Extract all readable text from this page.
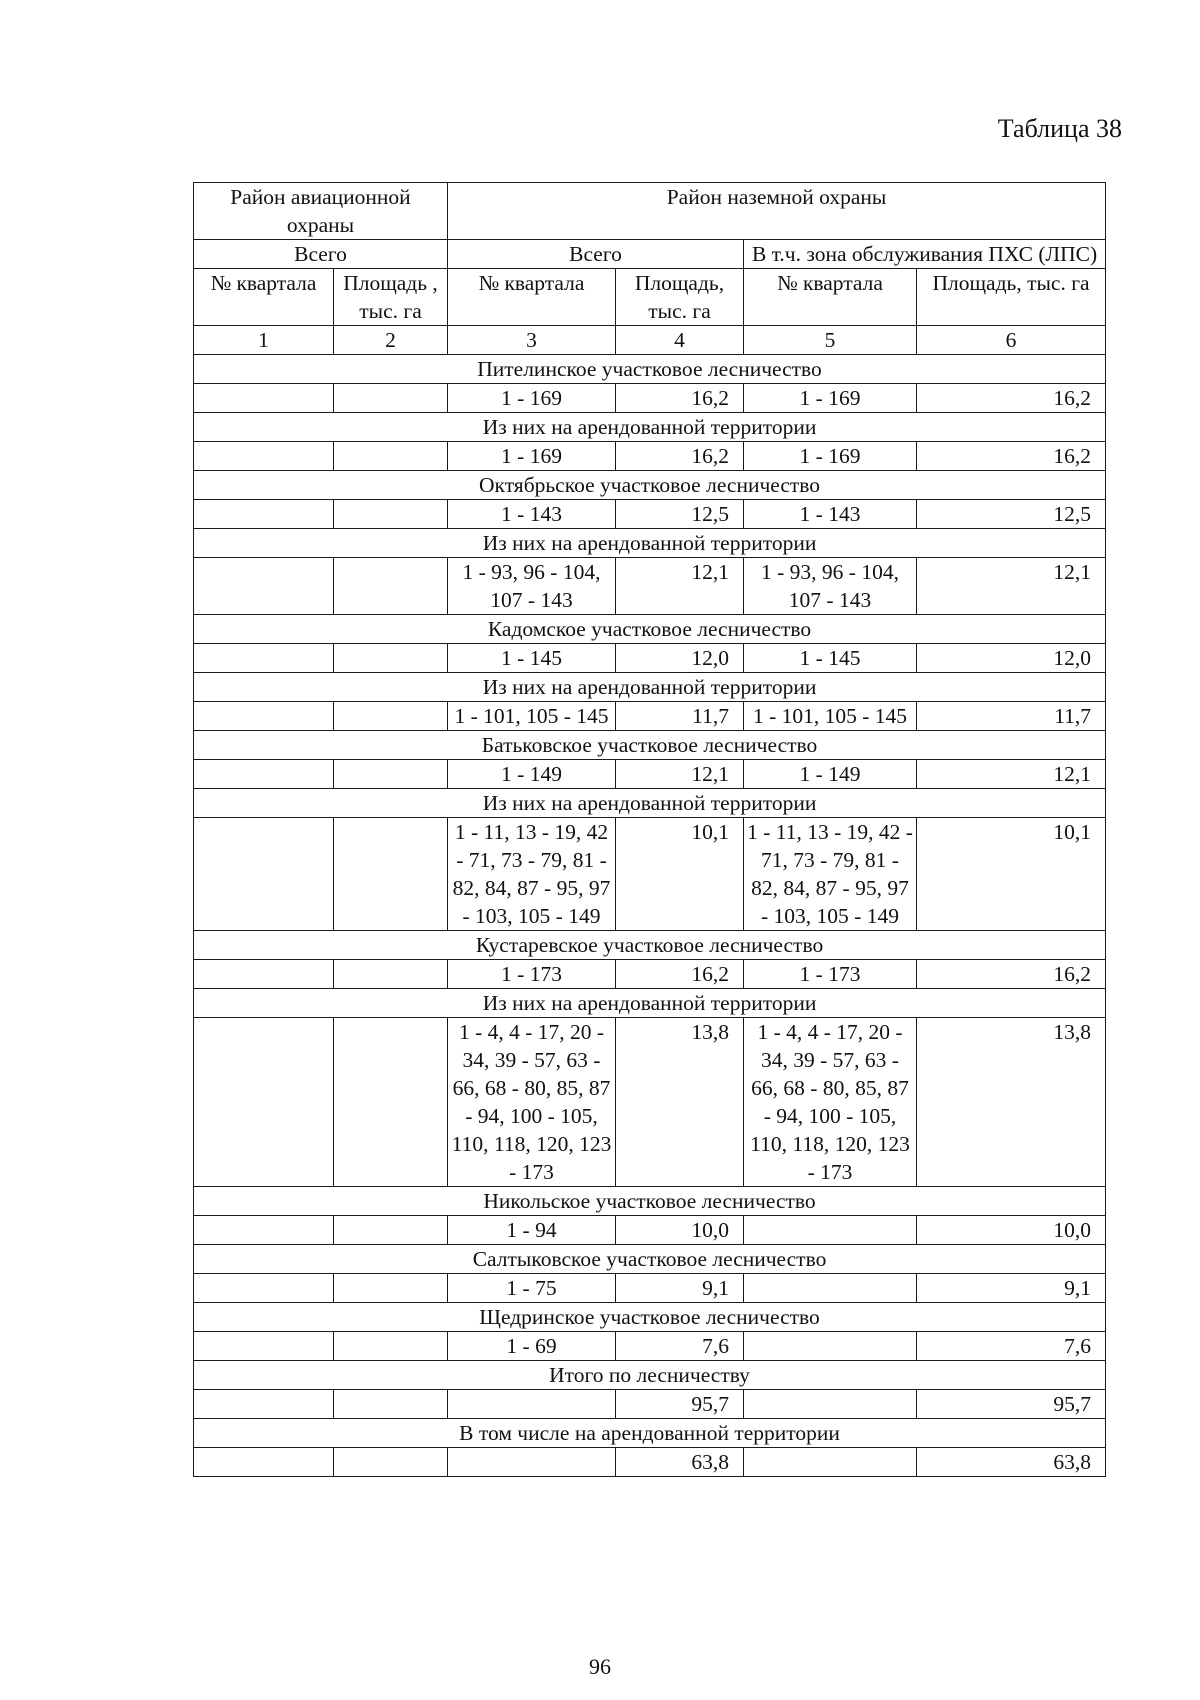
Таблица 38
Район авиационной охраны		Район наземной охраны			
Всего		Всего		В т.ч. зона обслуживания ПХС (ЛПС)	
№ квартала	Площадь , тыс. га	№ квартала	Площадь, тыс. га	№ квартала	Площадь, тыс. га
1	2	3	4	5	6
Пителинское участковое лесничество					
		1 - 169	16,2	1 - 169	16,2
Из них на арендованной территории					
		1 - 169	16,2	1 - 169	16,2
Октябрьское участковое лесничество					
		1 - 143	12,5	1 - 143	12,5
Из них на арендованной территории					
		1 - 93, 96 - 104, 107 - 143	12,1	1 - 93, 96 - 104, 107 - 143	12,1
Кадомское участковое лесничество					
		1 - 145	12,0	1 - 145	12,0
Из них на арендованной территории					
		1 - 101, 105 - 145	11,7	1 - 101, 105 - 145	11,7
Батьковское участковое лесничество					
		1 - 149	12,1	1 - 149	12,1
Из них на арендованной территории					
		1 - 11, 13 - 19, 42 - 71, 73 - 79, 81 - 82, 84, 87 - 95, 97 - 103, 105 - 149	10,1	1 - 11, 13 - 19, 42 - 71, 73 - 79, 81 - 82, 84, 87 - 95, 97 - 103, 105 - 149	10,1
Кустаревское участковое лесничество					
		1 - 173	16,2	1 - 173	16,2
Из них на арендованной территории					
		1 - 4, 4 - 17, 20 - 34, 39 - 57, 63 - 66, 68 - 80, 85, 87 - 94, 100 - 105, 110, 118, 120, 123 - 173	13,8	1 - 4, 4 - 17, 20 - 34, 39 - 57, 63 - 66, 68 - 80, 85, 87 - 94, 100 - 105, 110, 118, 120, 123 - 173	13,8
Никольское участковое лесничество					
		1 - 94	10,0		10,0
Салтыковское участковое лесничество					
		1 - 75	9,1		9,1
Щедринское участковое лесничество					
		1 - 69	7,6		7,6
Итого по лесничеству					
			95,7		95,7
В том числе на арендованной территории					
			63,8		63,8
96
